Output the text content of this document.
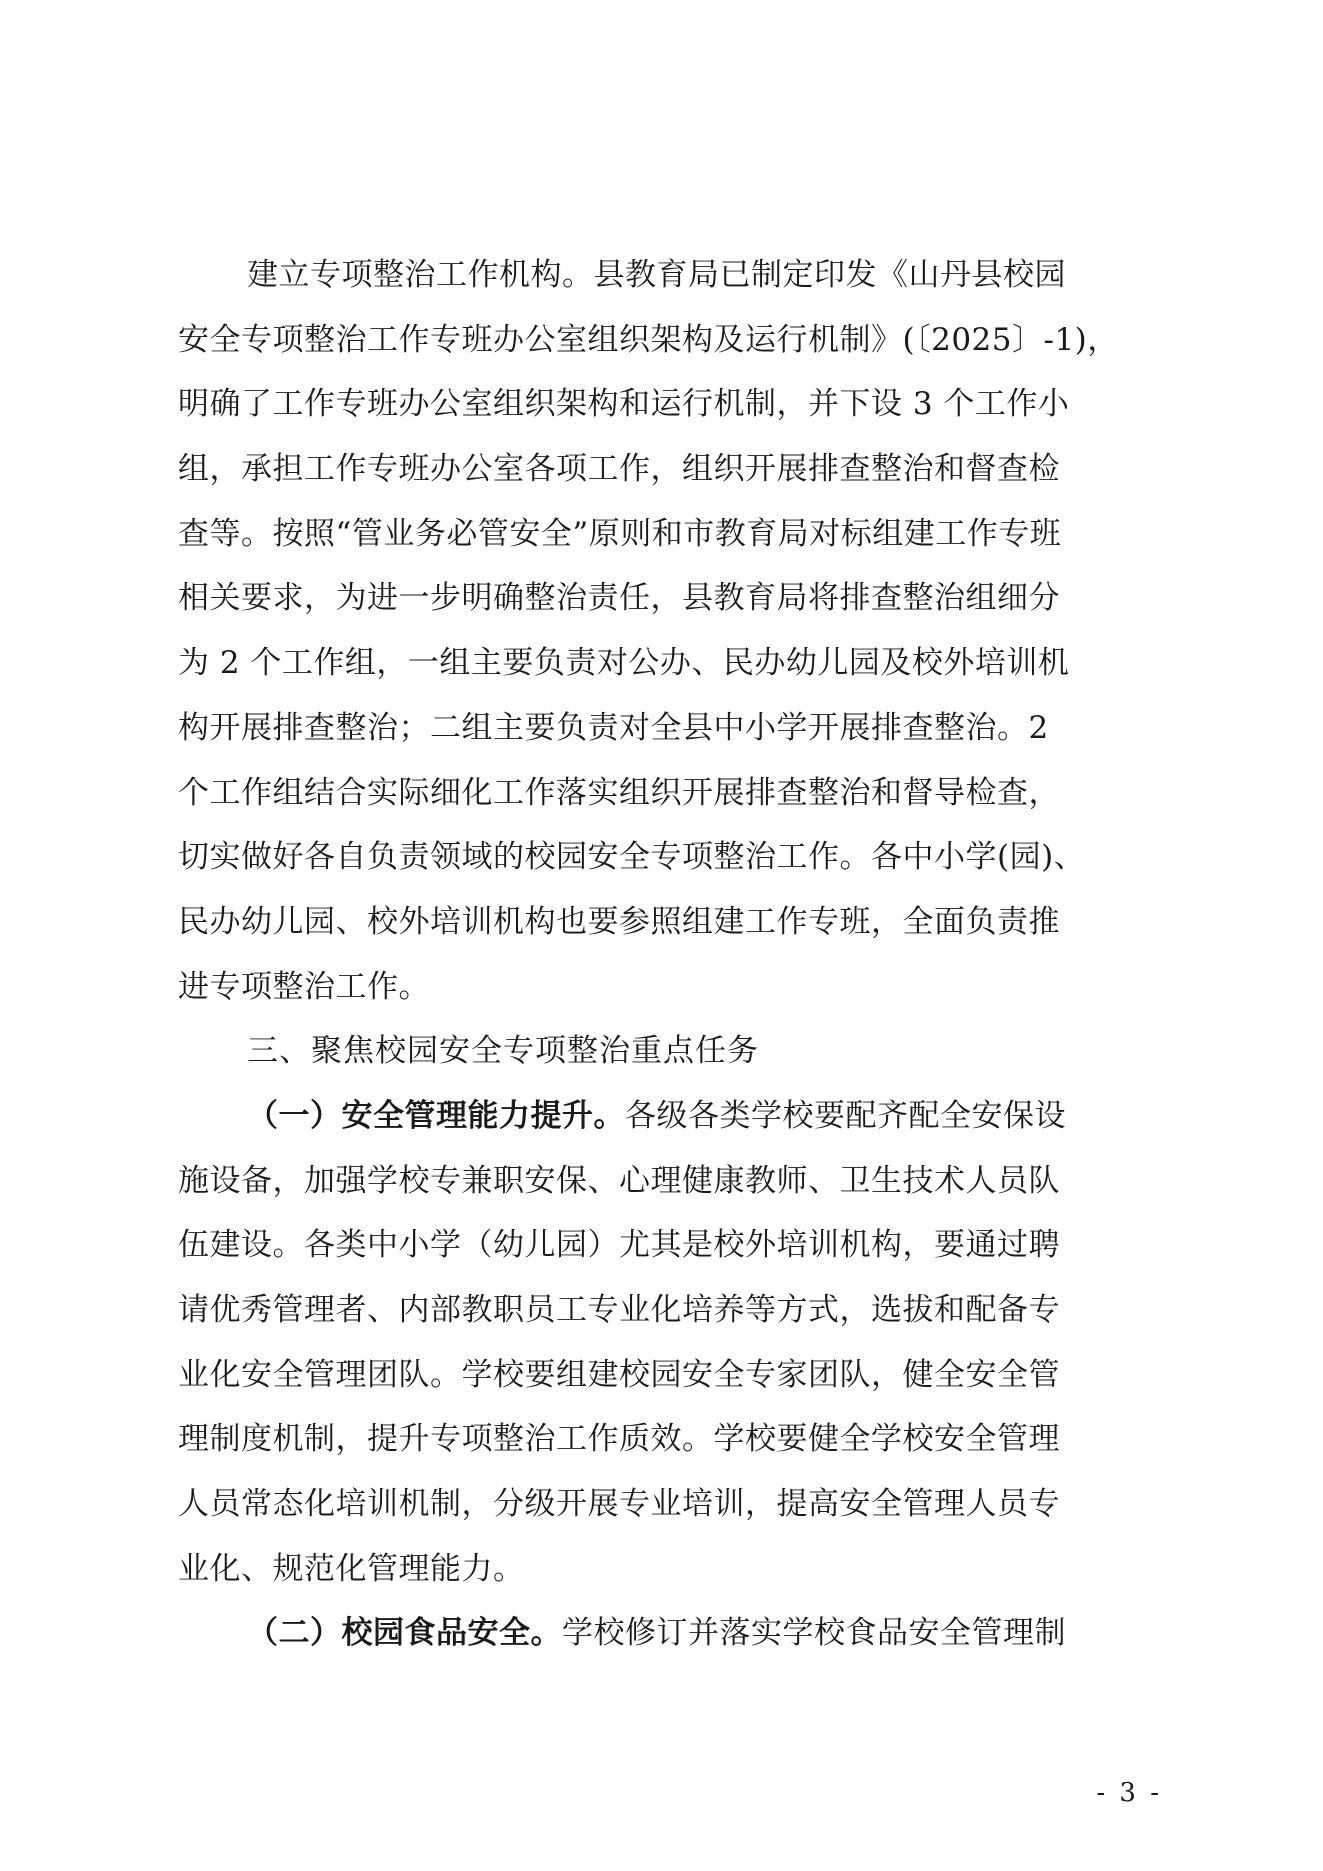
建立专项整治工作机构。县教育局已制定印发《山丹县校园
安全专项整治工作专班办公室组织架构及运行机制》(〔2025〕-1)，
明确了工作专班办公室组织架构和运行机制，并下设 3 个工作小
组，承担工作专班办公室各项工作，组织开展排查整治和督查检
查等。按照“管业务必管安全”原则和市教育局对标组建工作专班
相关要求，为进一步明确整治责任，县教育局将排查整治组细分
为 2 个工作组，一组主要负责对公办、民办幼儿园及校外培训机
构开展排查整治；二组主要负责对全县中小学开展排查整治。2
个工作组结合实际细化工作落实组织开展排查整治和督导检查，
切实做好各自负责领域的校园安全专项整治工作。各中小学(园)、
民办幼儿园、校外培训机构也要参照组建工作专班，全面负责推
进专项整治工作。
三、聚焦校园安全专项整治重点任务
（一）安全管理能力提升。各级各类学校要配齐配全安保设
施设备，加强学校专兼职安保、心理健康教师、卫生技术人员队
伍建设。各类中小学（幼儿园）尤其是校外培训机构，要通过聘
请优秀管理者、内部教职员工专业化培养等方式，选拔和配备专
业化安全管理团队。学校要组建校园安全专家团队，健全安全管
理制度机制，提升专项整治工作质效。学校要健全学校安全管理
人员常态化培训机制，分级开展专业培训，提高安全管理人员专
业化、规范化管理能力。
（二）校园食品安全。学校修订并落实学校食品安全管理制
- 3 -
